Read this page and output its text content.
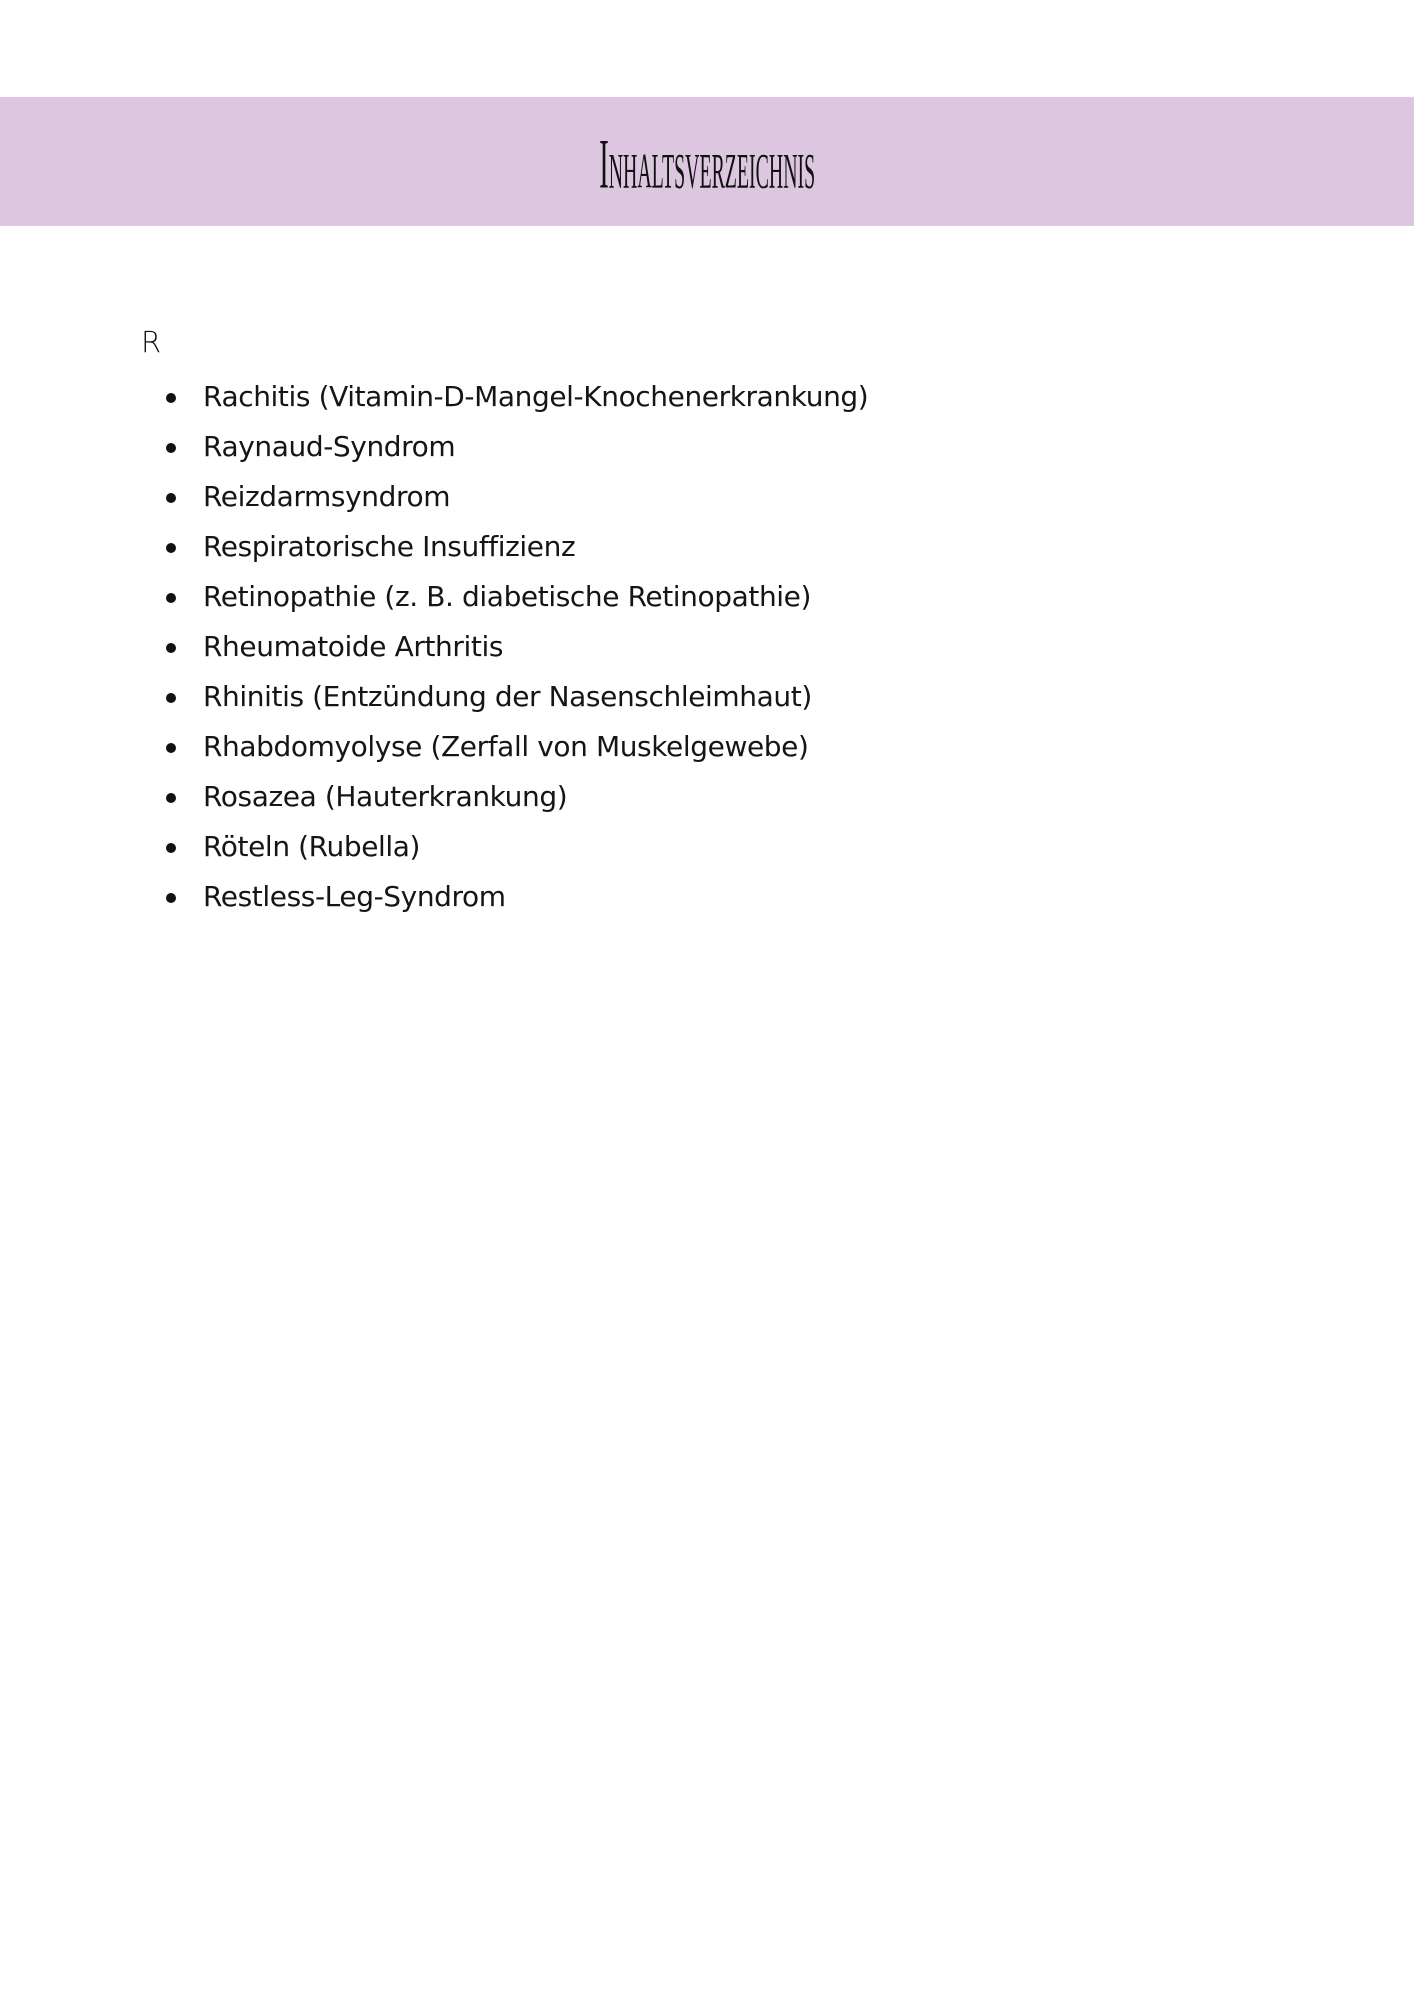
Inhaltsverzeichnis
R
Rachitis (Vitamin-D-Mangel-Knochenerkrankung)
Raynaud-Syndrom
Reizdarmsyndrom
Respiratorische Insuffizienz
Retinopathie (z. B. diabetische Retinopathie)
Rheumatoide Arthritis
Rhinitis (Entzündung der Nasenschleimhaut)
Rhabdomyolyse (Zerfall von Muskelgewebe)
Rosazea (Hauterkrankung)
Röteln (Rubella)
Restless-Leg-Syndrom
